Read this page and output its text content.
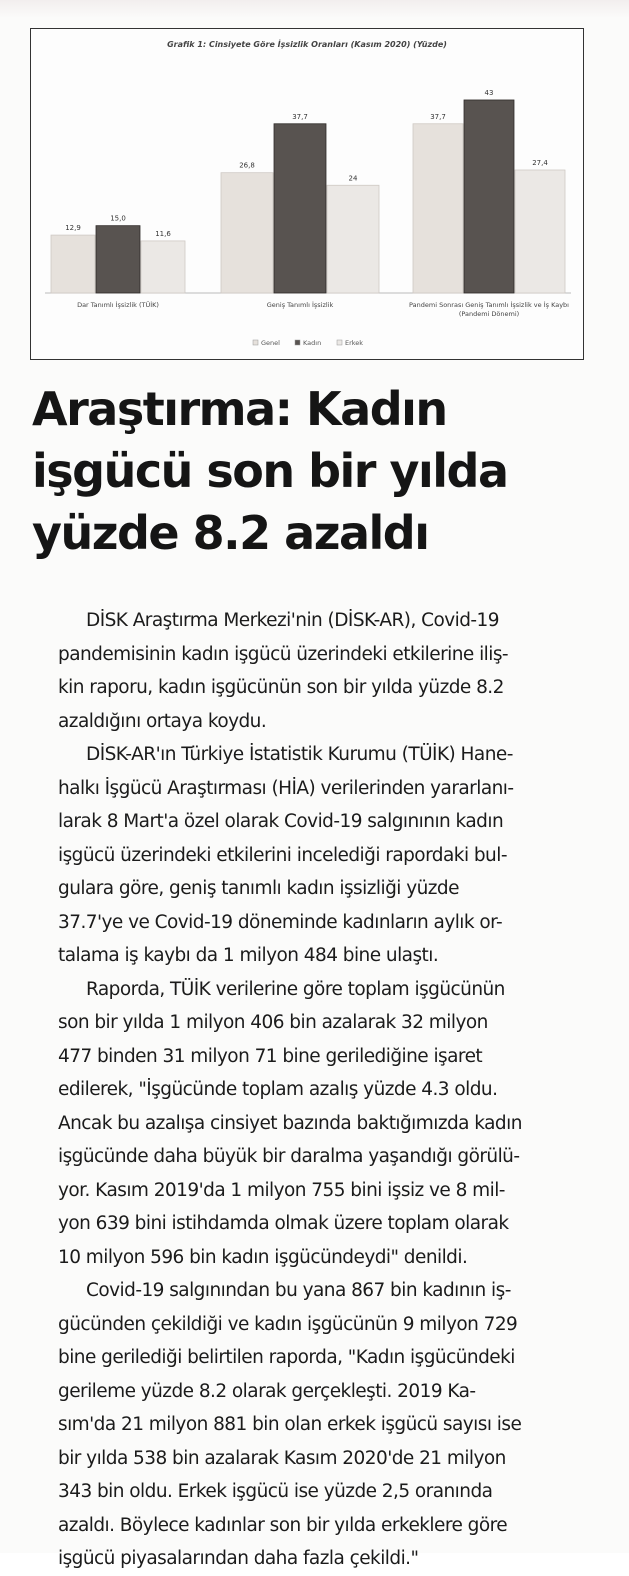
Grafik 1: Cinsiyete Göre İşsizlik Oranları (Kasım 2020) (Yüzde)
12,9
15,0
11,6
Dar Tanımlı İşsizlik (TÜİK)
26,8
37,7
24
Geniş Tanımlı İşsizlik
37,7
43
27,4
Pandemi Sonrası Geniş Tanımlı İşsizlik ve İş Kaybı
(Pandemi Dönemi)
Genel	Kadın	Erkek
Araştırma: Kadın
işgücü son bir yılda
yüzde 8.2 azaldı
DİSK Araştırma Merkezi'nin (DİSK-AR), Covid-19
pandemisinin kadın işgücü üzerindeki etkilerine iliş-
kin raporu, kadın işgücünün son bir yılda yüzde 8.2
azaldığını ortaya koydu.
DİSK-AR'ın Türkiye İstatistik Kurumu (TÜİK) Hane-
halkı İşgücü Araştırması (HİA) verilerinden yararlanı-
larak 8 Mart'a özel olarak Covid-19 salgınının kadın
işgücü üzerindeki etkilerini incelediği rapordaki bul-
gulara göre, geniş tanımlı kadın işsizliği yüzde
37.7'ye ve Covid-19 döneminde kadınların aylık or-
talama iş kaybı da 1 milyon 484 bine ulaştı.
Raporda, TÜİK verilerine göre toplam işgücünün
son bir yılda 1 milyon 406 bin azalarak 32 milyon
477 binden 31 milyon 71 bine gerilediğine işaret
edilerek, "İşgücünde toplam azalış yüzde 4.3 oldu.
Ancak bu azalışa cinsiyet bazında baktığımızda kadın
işgücünde daha büyük bir daralma yaşandığı görülü-
yor. Kasım 2019'da 1 milyon 755 bini işsiz ve 8 mil-
yon 639 bini istihdamda olmak üzere toplam olarak
10 milyon 596 bin kadın işgücündeydi" denildi.
Covid-19 salgınından bu yana 867 bin kadının iş-
gücünden çekildiği ve kadın işgücünün 9 milyon 729
bine gerilediği belirtilen raporda, "Kadın işgücündeki
gerileme yüzde 8.2 olarak gerçekleşti. 2019 Ka-
sım'da 21 milyon 881 bin olan erkek işgücü sayısı ise
bir yılda 538 bin azalarak Kasım 2020'de 21 milyon
343 bin oldu. Erkek işgücü ise yüzde 2,5 oranında
azaldı. Böylece kadınlar son bir yılda erkeklere göre
işgücü piyasalarından daha fazla çekildi."
